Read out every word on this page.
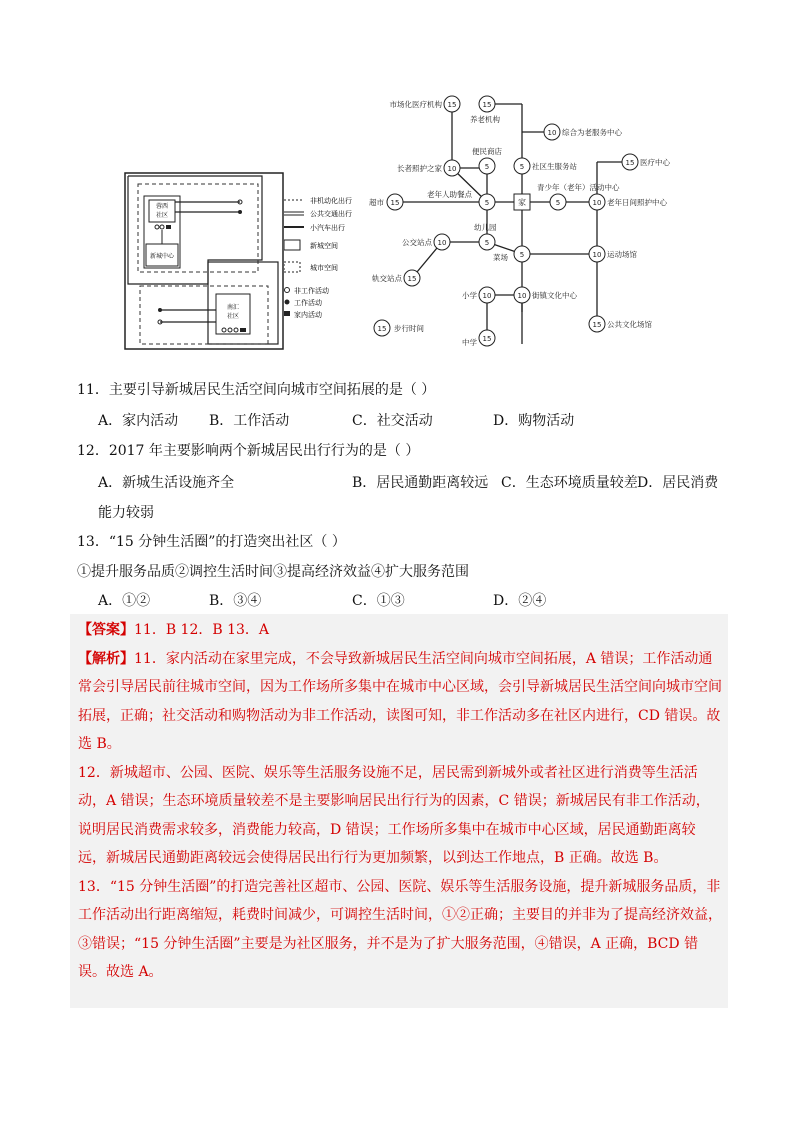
蓉西
社区
新城中心
南汇
社区
非机动化出行
公共交通出行
小汽车出行
新城空间
城市空间
非工作活动
工作活动
家内活动
15	15
10
10	5	5	15
15	5	家	5	10
10	5
5	10
15
10	10
15
15
15
市场化医疗机构
养老机构
综合为老服务中心
便民商店
长者照护之家	社区生服务站	医疗中心
青少年（老年）活动中心
超市
老年人助餐点
老年日间照护中心
幼儿园
公交站点
轨交站点
菜场	运动场馆
小学	街镇文化中心
中学
公共文化场馆
步行时间
11．主要引导新城居民生活空间向城市空间拓展的是（ ）
A．家内活动 B．工作活动	C．社交活动	D．购物活动
12．2017 年主要影响两个新城居民出行行为的是（ ）
A．新城生活设施齐全	B．居民通勤距离较远 C．生态环境质量较差 D．居民消费
能力较弱
13．“15 分钟生活圈”的打造突出社区（ ）
①提升服务品质②调控生活时间③提高经济效益④扩大服务范围
A．①②	B．③④	C．①③	D．②④

【答案】11．B 12．B 13．A

【解析】11．家内活动在家里完成，不会导致新城居民生活空间向城市空间拓展，A 错误；工作活动通常会引导居民前往城市空间，因为工作场所多集中在城市中心区域，会引导新城居民生活空间向城市空间拓展，正确；社交活动和购物活动为非工作活动，读图可知，非工作活动多在社区内进行，CD 错误。故选 B。

12．新城超市、公园、医院、娱乐等生活服务设施不足，居民需到新城外或者社区进行消费等生活活动，A 错误；生态环境质量较差不是主要影响居民出行行为的因素，C 错误；新城居民有非工作活动，说明居民消费需求较多，消费能力较高，D 错误；工作场所多集中在城市中心区域，居民通勤距离较远，新城居民通勤距离较远会使得居民出行行为更加频繁，以到达工作地点，B 正确。故选 B。

13．“15 分钟生活圈”的打造完善社区超市、公园、医院、娱乐等生活服务设施，提升新城服务品质，非工作活动出行距离缩短，耗费时间减少，可调控生活时间，①②正确；主要目的并非为了提高经济效益，③错误；“15 分钟生活圈”主要是为社区服务，并不是为了扩大服务范围，④错误，A 正确，BCD 错误。故选 A。
